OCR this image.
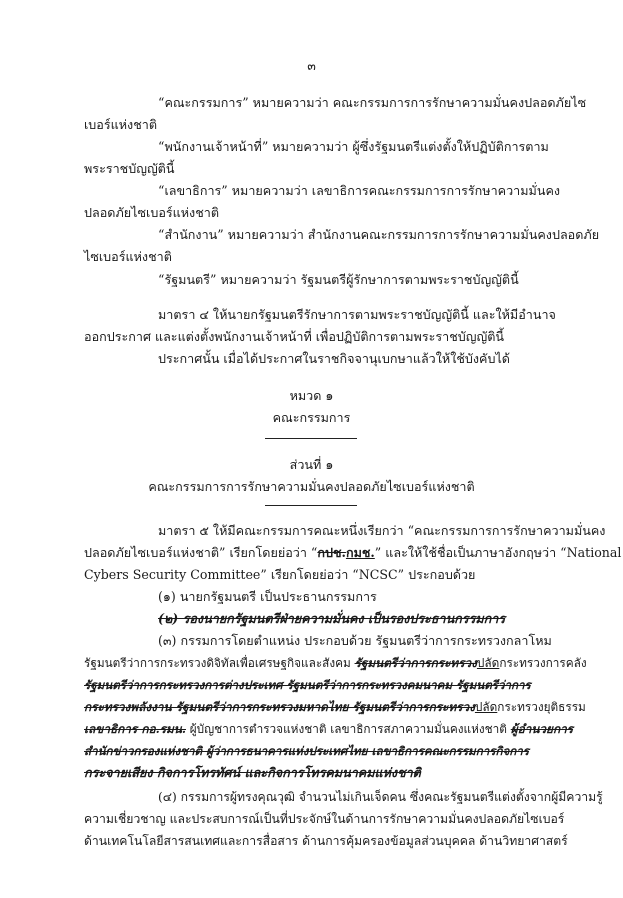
๓
“คณะกรรมการ” หมายความว่า คณะกรรมการการรักษาความมั่นคงปลอดภัยไซ
เบอร์แห่งชาติ
“พนักงานเจ้าหน้าที่” หมายความว่า ผู้ซึ่งรัฐมนตรีแต่งตั้งให้ปฏิบัติการตาม
พระราชบัญญัตินี้
“เลขาธิการ” หมายความว่า เลขาธิการคณะกรรมการการรักษาความมั่นคง
ปลอดภัยไซเบอร์แห่งชาติ
“สำนักงาน” หมายความว่า สำนักงานคณะกรรมการการรักษาความมั่นคงปลอดภัย
ไซเบอร์แห่งชาติ
“รัฐมนตรี” หมายความว่า รัฐมนตรีผู้รักษาการตามพระราชบัญญัตินี้
มาตรา ๔ ให้นายกรัฐมนตรีรักษาการตามพระราชบัญญัตินี้ และให้มีอำนาจ
ออกประกาศ และแต่งตั้งพนักงานเจ้าหน้าที่ เพื่อปฏิบัติการตามพระราชบัญญัตินี้
ประกาศนั้น เมื่อได้ประกาศในราชกิจจานุเบกษาแล้วให้ใช้บังคับได้
หมวด ๑
คณะกรรมการ
ส่วนที่ ๑
คณะกรรมการการรักษาความมั่นคงปลอดภัยไซเบอร์แห่งชาติ
มาตรา ๕ ให้มีคณะกรรมการคณะหนึ่งเรียกว่า “คณะกรรมการการรักษาความมั่นคง
ปลอดภัยไซเบอร์แห่งชาติ” เรียกโดยย่อว่า “กปช.กมช.” และให้ใช้ชื่อเป็นภาษาอังกฤษว่า “National
Cybers Security Committee” เรียกโดยย่อว่า “NCSC” ประกอบด้วย
(๑) นายกรัฐมนตรี เป็นประธานกรรมการ
(๒) รองนายกรัฐมนตรีฝ่ายความมั่นคง เป็นรองประธานกรรมการ
(๓) กรรมการโดยตำแหน่ง ประกอบด้วย รัฐมนตรีว่าการกระทรวงกลาโหม
รัฐมนตรีว่าการกระทรวงดิจิทัลเพื่อเศรษฐกิจและสังคม รัฐมนตรีว่าการกระทรวงปลัดกระทรวงการคลัง
รัฐมนตรีว่าการกระทรวงการต่างประเทศ รัฐมนตรีว่าการกระทรวงคมนาคม รัฐมนตรีว่าการ
กระทรวงพลังงาน รัฐมนตรีว่าการกระทรวงมหาดไทย รัฐมนตรีว่าการกระทรวงปลัดกระทรวงยุติธรรม
เลขาธิการ กอ.รมน. ผู้บัญชาการตำรวจแห่งชาติ เลขาธิการสภาความมั่นคงแห่งชาติ ผู้อำนวยการ
สำนักข่าวกรองแห่งชาติ ผู้ว่าการธนาคารแห่งประเทศไทย เลขาธิการคณะกรรมการกิจการ
กระจายเสียง กิจการโทรทัศน์ และกิจการโทรคมนาคมแห่งชาติ
(๔) กรรมการผู้ทรงคุณวุฒิ จำนวนไม่เกินเจ็ดคน ซึ่งคณะรัฐมนตรีแต่งตั้งจากผู้มีความรู้
ความเชี่ยวชาญ และประสบการณ์เป็นที่ประจักษ์ในด้านการรักษาความมั่นคงปลอดภัยไซเบอร์
ด้านเทคโนโลยีสารสนเทศและการสื่อสาร ด้านการคุ้มครองข้อมูลส่วนบุคคล ด้านวิทยาศาสตร์
